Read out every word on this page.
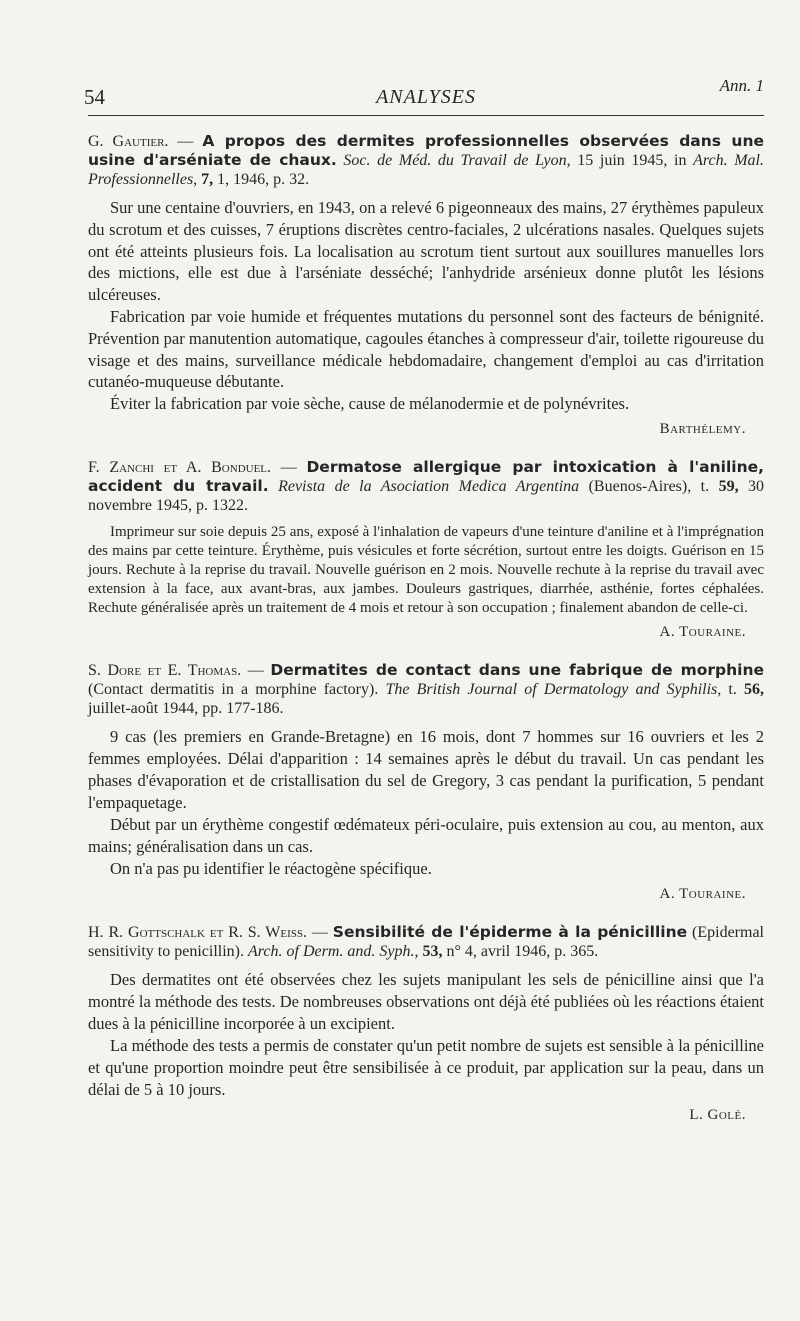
Ann. 1
54	ANALYSES
G. Gautier. — A propos des dermites professionnelles observées dans une usine d'arséniate de chaux. Soc. de Méd. du Travail de Lyon, 15 juin 1945, in Arch. Mal. Professionnelles, 7, 1, 1946, p. 32.

Sur une centaine d'ouvriers, en 1943, on a relevé 6 pigeonneaux des mains, 27 érythèmes papuleux du scrotum et des cuisses, 7 éruptions discrètes centro-faciales, 2 ulcérations nasales. Quelques sujets ont été atteints plusieurs fois. La localisation au scrotum tient surtout aux souillures manuelles lors des mictions, elle est due à l'arséniate desséché; l'anhydride arsénieux donne plutôt les lésions ulcéreuses.

Fabrication par voie humide et fréquentes mutations du personnel sont des facteurs de bénignité. Prévention par manutention automatique, cagoules étanches à compresseur d'air, toilette rigoureuse du visage et des mains, surveillance médicale hebdomadaire, changement d'emploi au cas d'irritation cutanéo-muqueuse débutante.

Éviter la fabrication par voie sèche, cause de mélanodermie et de polynévrites.

Barthélemy.
F. Zanchi et A. Bonduel. — Dermatose allergique par intoxication à l'aniline, accident du travail. Revista de la Asociation Medica Argentina (Buenos-Aires), t. 59, 30 novembre 1945, p. 1322.

Imprimeur sur soie depuis 25 ans, exposé à l'inhalation de vapeurs d'une teinture d'aniline et à l'imprégnation des mains par cette teinture. Érythème, puis vésicules et forte sécrétion, surtout entre les doigts. Guérison en 15 jours. Rechute à la reprise du travail. Nouvelle guérison en 2 mois. Nouvelle rechute à la reprise du travail avec extension à la face, aux avant-bras, aux jambes. Douleurs gastriques, diarrhée, asthénie, fortes céphalées. Rechute généralisée après un traitement de 4 mois et retour à son occupation ; finalement abandon de celle-ci.

A. Touraine.
S. Dore et E. Thomas. — Dermatites de contact dans une fabrique de morphine (Contact dermatitis in a morphine factory). The British Journal of Dermatology and Syphilis, t. 56, juillet-août 1944, pp. 177-186.

9 cas (les premiers en Grande-Bretagne) en 16 mois, dont 7 hommes sur 16 ouvriers et les 2 femmes employées. Délai d'apparition : 14 semaines après le début du travail. Un cas pendant les phases d'évaporation et de cristallisation du sel de Gregory, 3 cas pendant la purification, 5 pendant l'empaquetage.

Début par un érythème congestif œdémateux péri-oculaire, puis extension au cou, au menton, aux mains; généralisation dans un cas.

On n'a pas pu identifier le réactogène spécifique.

A. Touraine.
H. R. Gottschalk et R. S. Weiss. — Sensibilité de l'épiderme à la pénicilline (Epidermal sensitivity to penicillin). Arch. of Derm. and. Syph., 53, n° 4, avril 1946, p. 365.

Des dermatites ont été observées chez les sujets manipulant les sels de pénicilline ainsi que l'a montré la méthode des tests. De nombreuses observations ont déjà été publiées où les réactions étaient dues à la pénicilline incorporée à un excipient.

La méthode des tests a permis de constater qu'un petit nombre de sujets est sensible à la pénicilline et qu'une proportion moindre peut être sensibilisée à ce produit, par application sur la peau, dans un délai de 5 à 10 jours.

L. Golé.
